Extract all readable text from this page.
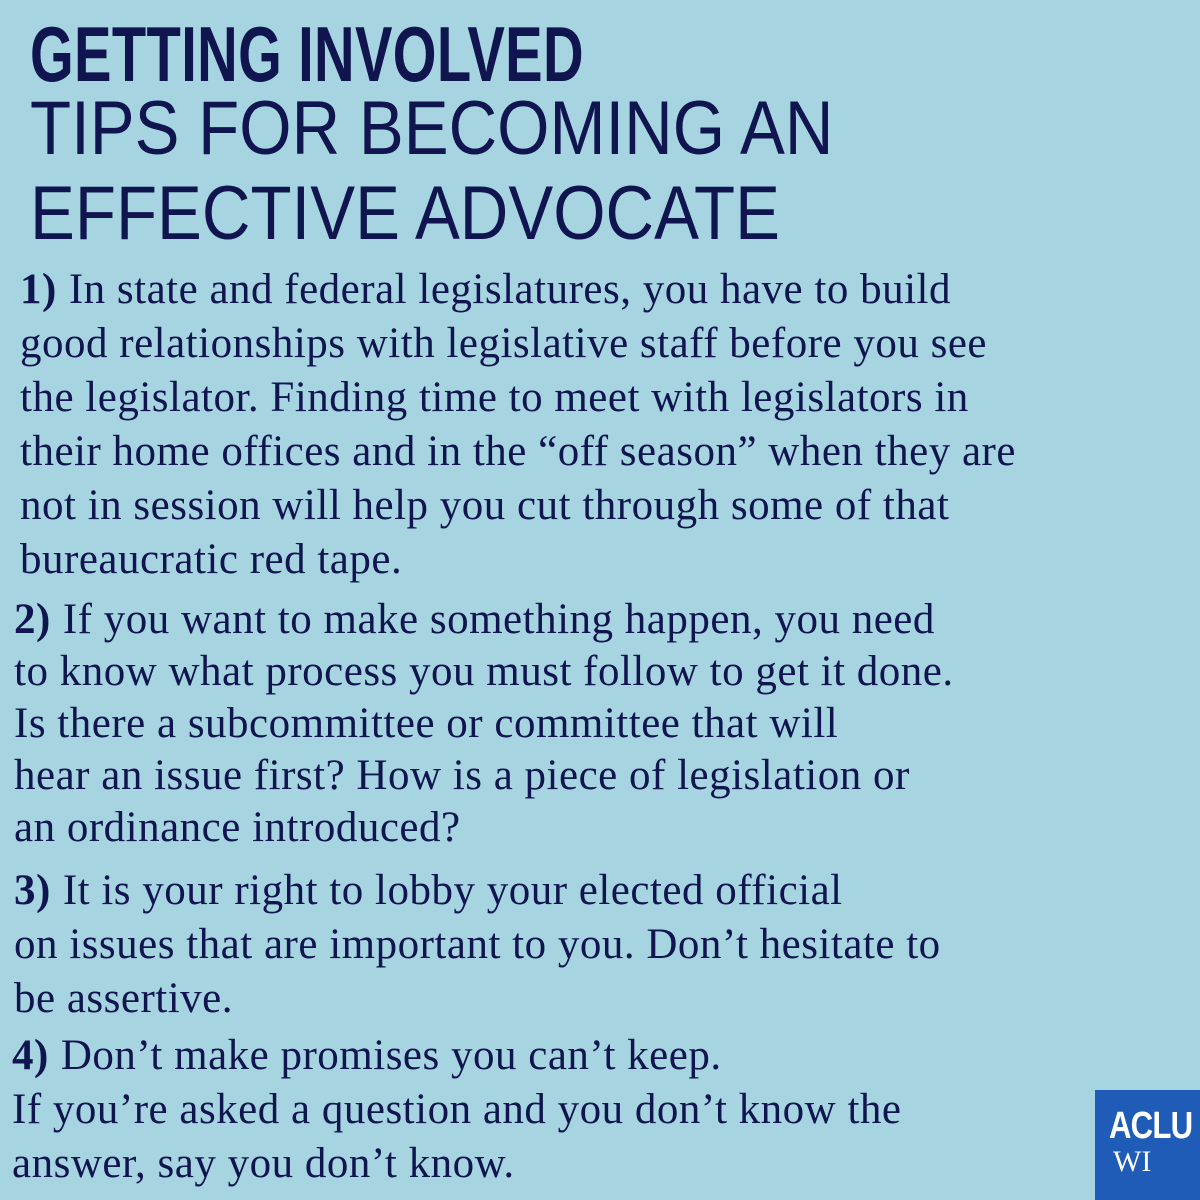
GETTING INVOLVED
TIPS FOR BECOMING AN
EFFECTIVE ADVOCATE
1) In state and federal legislatures, you have to build
good relationships with legislative staff before you see
the legislator. Finding time to meet with legislators in
their home offices and in the “off season” when they are
not in session will help you cut through some of that
bureaucratic red tape.
2) If you want to make something happen, you need
to know what process you must follow to get it done.
Is there a subcommittee or committee that will
hear an issue first? How is a piece of legislation or
an ordinance introduced?
3) It is your right to lobby your elected official
on issues that are important to you. Don’t hesitate to
be assertive.
4) Don’t make promises you can’t keep.
If you’re asked a question and you don’t know the
answer, say you don’t know.
ACLU
WI
